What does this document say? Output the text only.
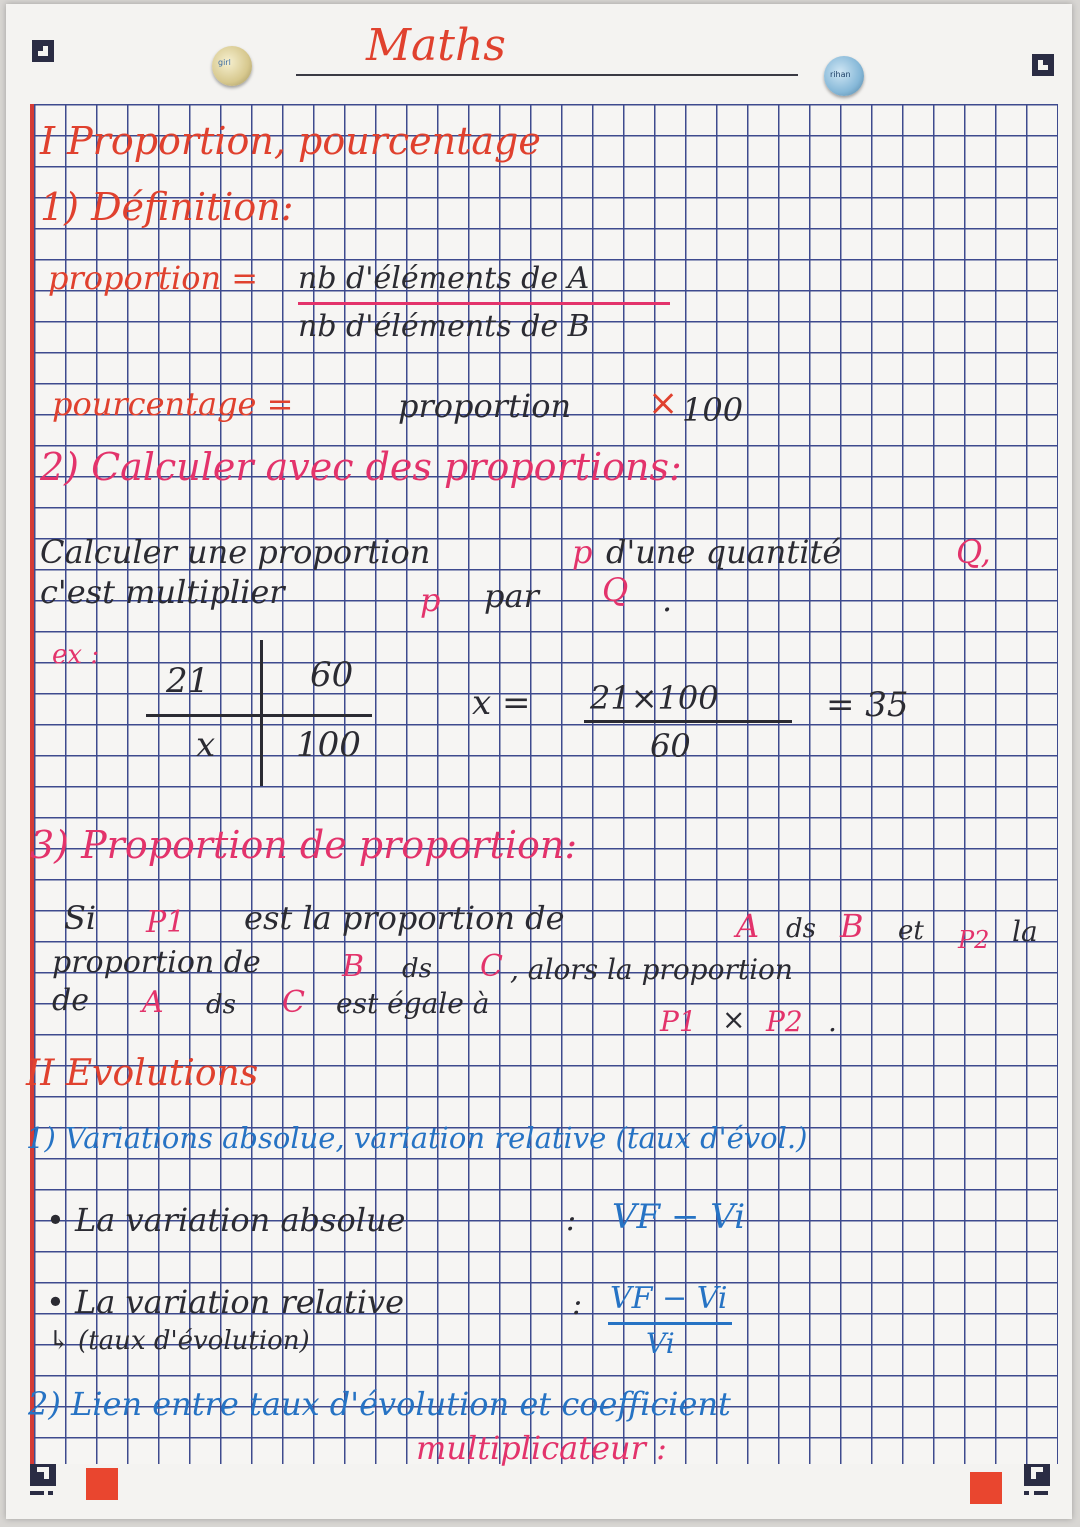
girl
rihan
Maths
I Proportion, pourcentage
1) Définition:
proportion = nb d'éléments de A
nb d'éléments de B
pourcentage =	proportion × 100
2) Calculer avec des proportions:
Calculer une proportion	p d'une quantité	Q,
c'est multiplier	p par Q .
ex :
21	60
x 100
x = 21×100
60
= 35
3) Proportion de proportion:
Si P1 est la proportion de	A ds B et P2 la
proportion de	B ds C , alors la proportion
de A ds C est égale à
P1 × P2 .
II Evolutions
1) Variations absolue, variation relative (taux d'évol.)
• La variation absolue	: VF − Vi
• La variation relative	: VF − Vi
Vi
↳ (taux d'évolution)
2) Lien entre taux d'évolution et coefficient
multiplicateur :
